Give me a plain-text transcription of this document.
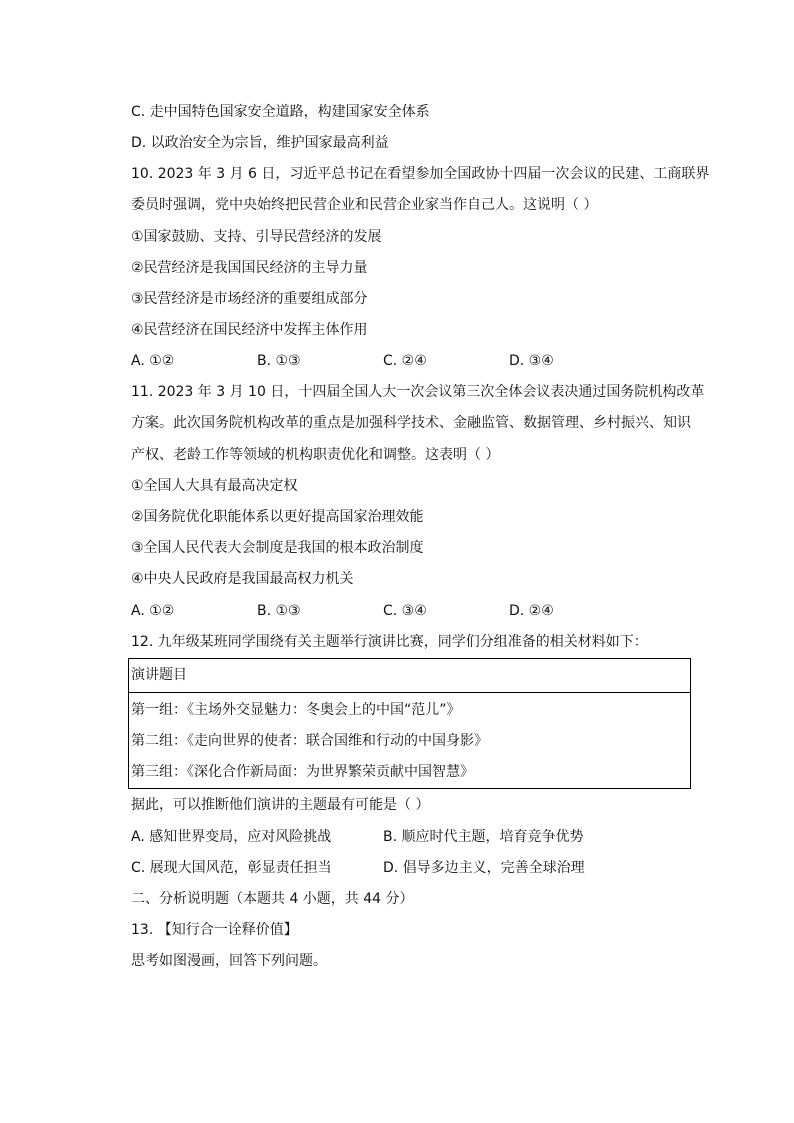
C. 走中国特色国家安全道路，构建国家安全体系
D. 以政治安全为宗旨，维护国家最高利益
10. 2023 年 3 月 6 日，习近平总书记在看望参加全国政协十四届一次会议的民建、工商联界
委员时强调，党中央始终把民营企业和民营企业家当作自己人。这说明（ ）
①国家鼓励、支持、引导民营经济的发展
②民营经济是我国国民经济的主导力量
③民营经济是市场经济的重要组成部分
④民营经济在国民经济中发挥主体作用
A. ①②	B. ①③	C. ②④	D. ③④
11. 2023 年 3 月 10 日，十四届全国人大一次会议第三次全体会议表决通过国务院机构改革
方案。此次国务院机构改革的重点是加强科学技术、金融监管、数据管理、乡村振兴、知识
产权、老龄工作等领域的机构职责优化和调整。这表明（ ）
①全国人大具有最高决定权
②国务院优化职能体系以更好提高国家治理效能
③全国人民代表大会制度是我国的根本政治制度
④中央人民政府是我国最高权力机关
A. ①②	B. ①③	C. ③④	D. ②④
12. 九年级某班同学围绕有关主题举行演讲比赛，同学们分组准备的相关材料如下：
演讲题目
第一组：《主场外交显魅力：冬奥会上的中国“范儿”》
第二组：《走向世界的使者：联合国维和行动的中国身影》
第三组：《深化合作新局面：为世界繁荣贡献中国智慧》
据此，可以推断他们演讲的主题最有可能是（ ）
A. 感知世界变局，应对风险挑战	B. 顺应时代主题，培育竞争优势
C. 展现大国风范，彰显责任担当	D. 倡导多边主义，完善全球治理
二、分析说明题（本题共 4 小题，共 44 分）
13. 【知行合一诠释价值】
思考如图漫画，回答下列问题。
